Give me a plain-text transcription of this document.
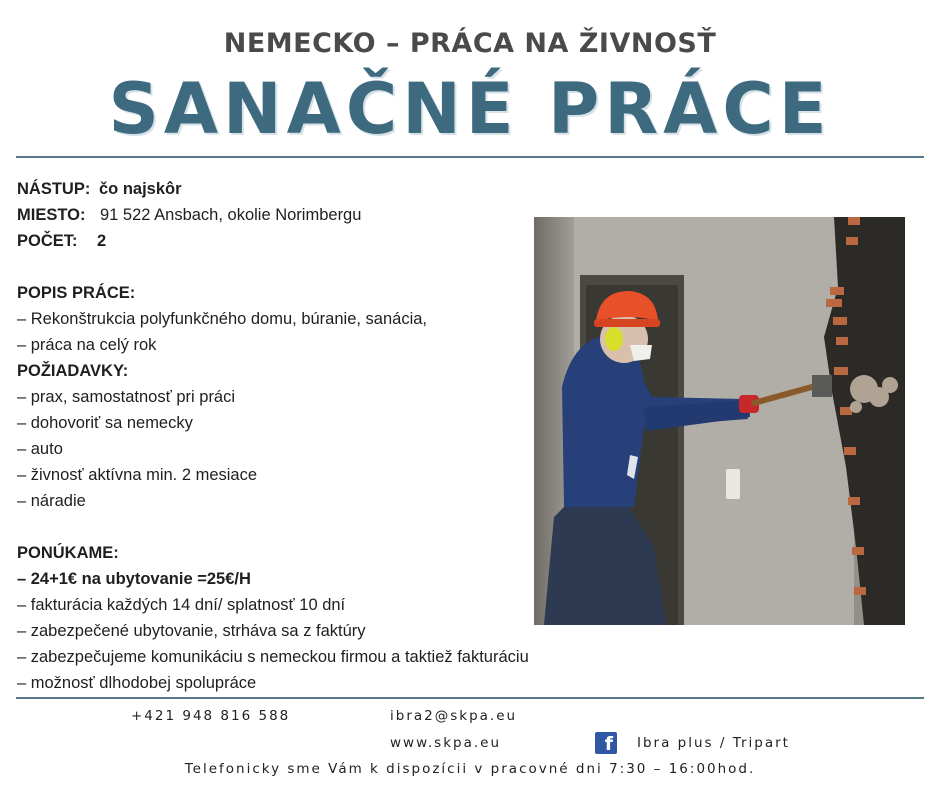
NEMECKO – PRÁCA NA ŽIVNOSŤ
SANAČNÉ PRÁCE
NÁSTUP: čo najskôr
MIESTO: 91 522 Ansbach, okolie Norimbergu
POČET: 2
POPIS PRÁCE:
– Rekonštrukcia polyfunkčného domu, búranie, sanácia,
– práca na celý rok
POŽIADAVKY:
– prax, samostatnosť pri práci
– dohovoriť sa nemecky
– auto
– živnosť aktívna min. 2 mesiace
– náradie
PONÚKAME:
– 24+1€ na ubytovanie =25€/H
– fakturácia každých 14 dní/ splatnosť 10 dní
– zabezpečené ubytovanie, strháva sa z faktúry
– zabezpečujeme komunikáciu s nemeckou firmou a taktiež fakturáciu
– možnosť dlhodobej spolupráce
+421 948 816 588	ibra2@skpa.eu
www.skpa.eu	f Ibra plus / Tripart
Telefonicky sme Vám k dispozícii v pracovné dni 7:30 – 16:00hod.
